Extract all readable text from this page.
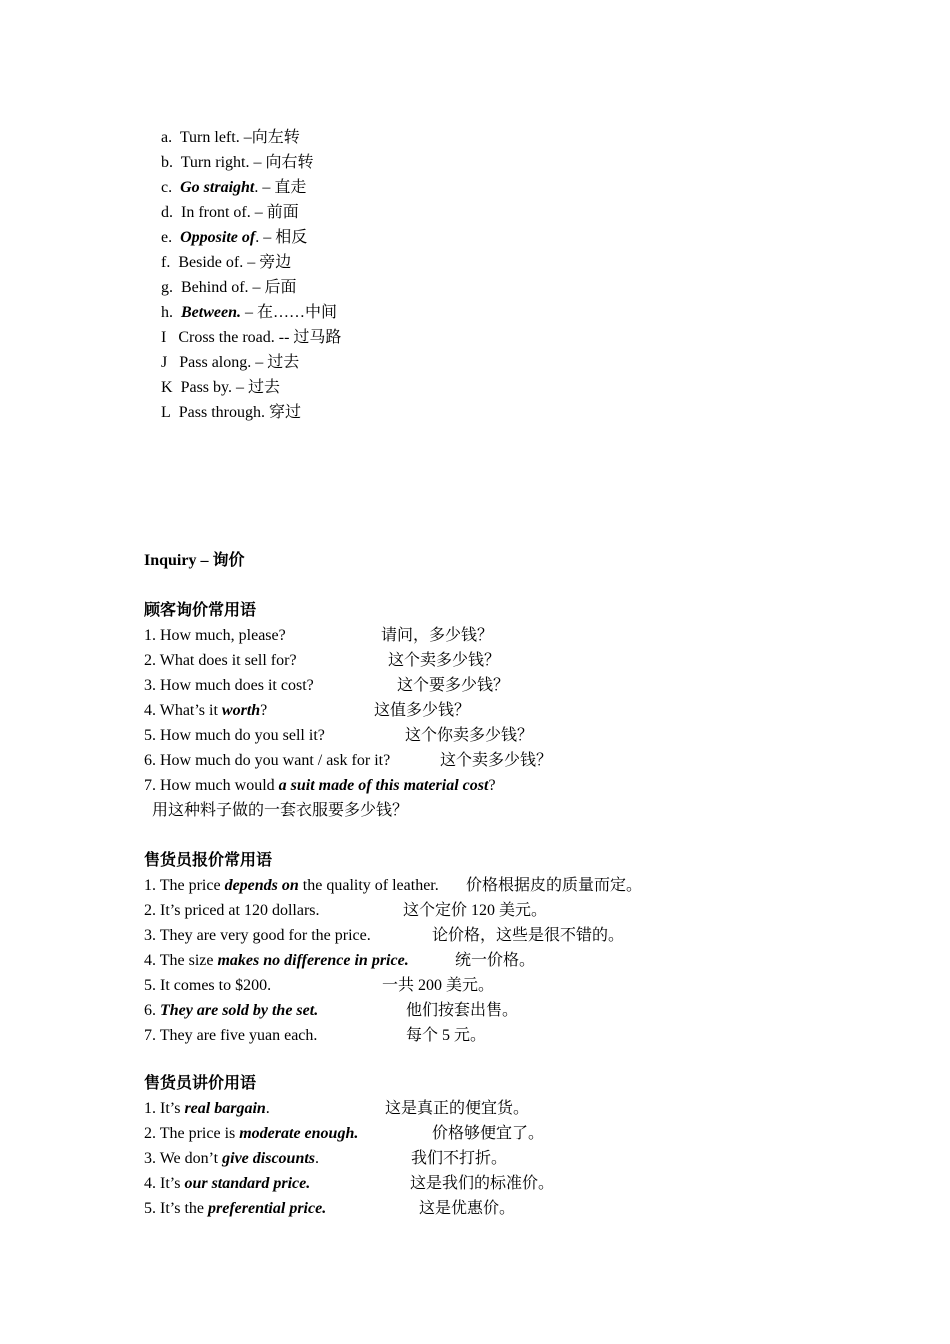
a. Turn left. –向左转
b. Turn right. – 向右转
c. Go straight. – 直走
d. In front of. – 前面
e. Opposite of. – 相反
f. Beside of. – 旁边
g. Behind of. – 后面
h. Between. – 在……中间
I Cross the road. -- 过马路
J Pass along. – 过去
K Pass by. – 过去
L Pass through. 穿过
Inquiry – 询价
顾客询价常用语
1. How much, please?	请问，多少钱？
2. What does it sell for?	这个卖多少钱？
3. How much does it cost?	这个要多少钱？
4. What’s it worth?	这值多少钱？
5. How much do you sell it?	这个你卖多少钱？
6. How much do you want / ask for it?	这个卖多少钱？
7. How much would a suit made of this material cost?
用这种料子做的一套衣服要多少钱？
售货员报价常用语
1. The price depends on the quality of leather. 价格根据皮的质量而定。
2. It’s priced at 120 dollars.	这个定价 120 美元。
3. They are very good for the price.	论价格，这些是很不错的。
4. The size makes no difference in price.	统一价格。
5. It comes to $200.	一共 200 美元。
6. They are sold by the set.	他们按套出售。
7. They are five yuan each.	每个 5 元。
售货员讲价用语
1. It’s real bargain.	这是真正的便宜货。
2. The price is moderate enough.	价格够便宜了。
3. We don’t give discounts.	我们不打折。
4. It’s our standard price.	这是我们的标准价。
5. It’s the preferential price.	这是优惠价。
